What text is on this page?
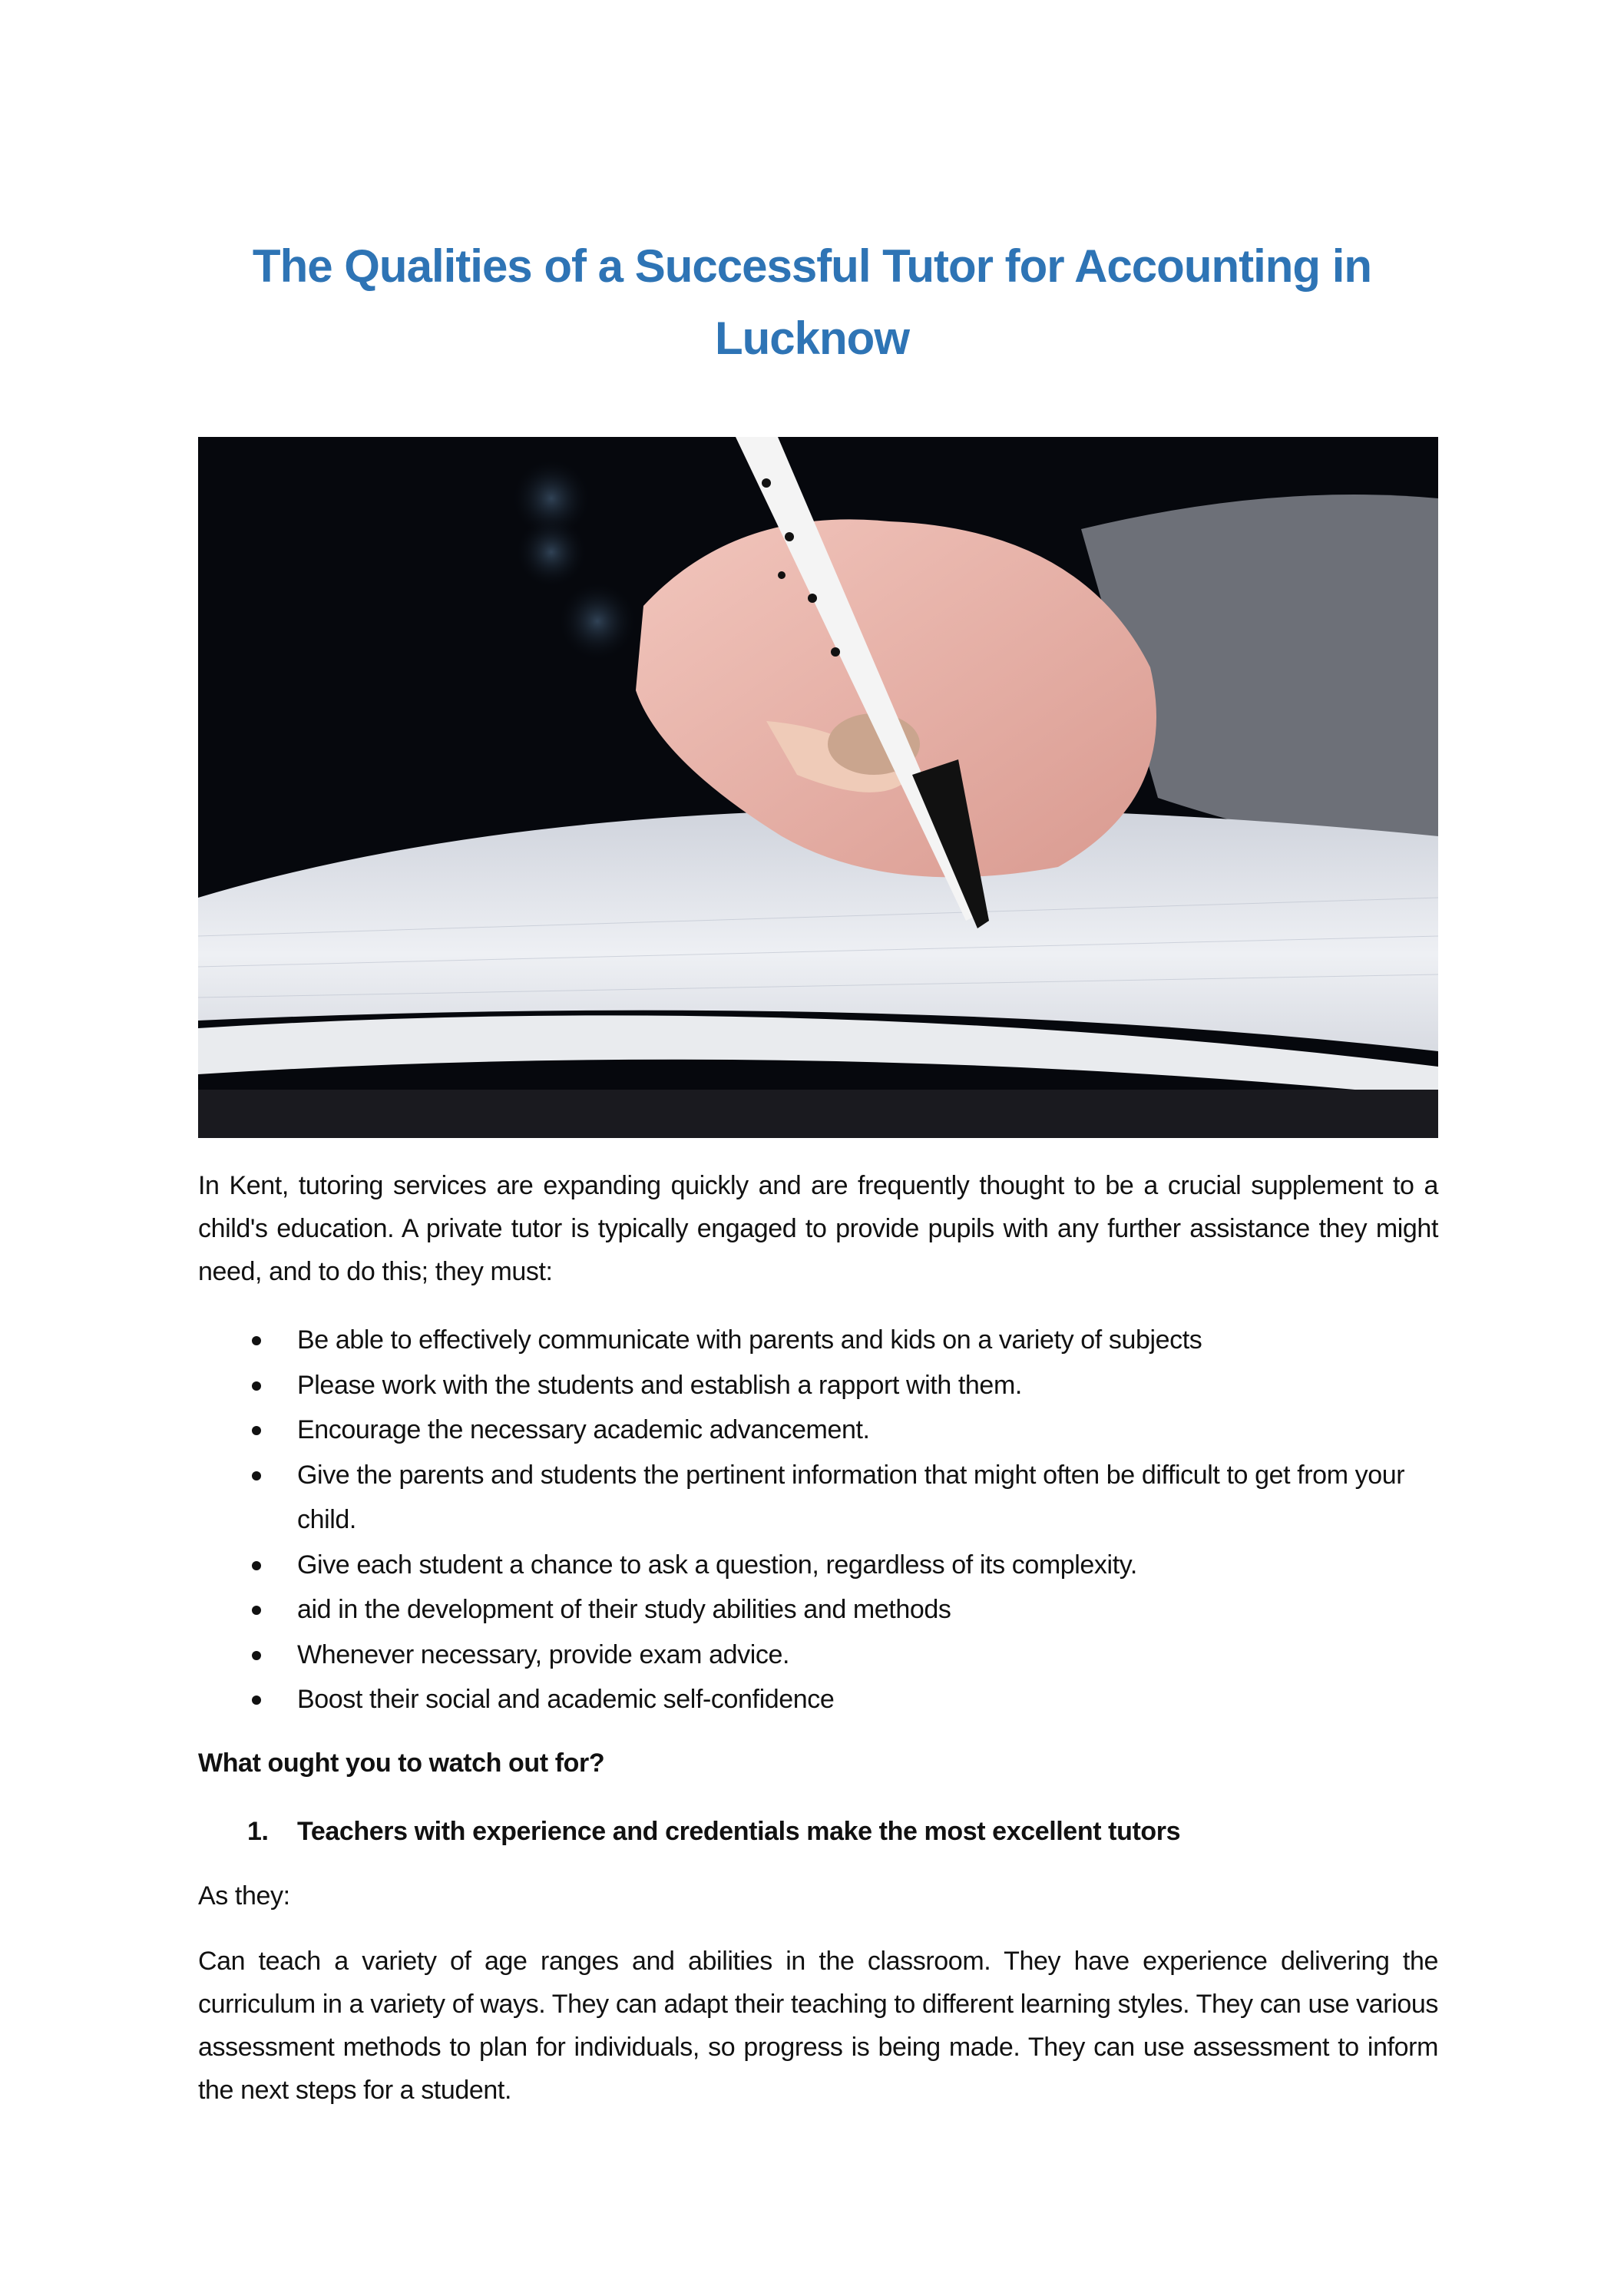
The Qualities of a Successful Tutor for Accounting in Lucknow

In Kent, tutoring services are expanding quickly and are frequently thought to be a crucial supplement to a child's education. A private tutor is typically engaged to provide pupils with any further assistance they might need, and to do this; they must:

Be able to effectively communicate with parents and kids on a variety of subjects
Please work with the students and establish a rapport with them.
Encourage the necessary academic advancement.
Give the parents and students the pertinent information that might often be difficult to get from your child.
Give each student a chance to ask a question, regardless of its complexity.
aid in the development of their study abilities and methods
Whenever necessary, provide exam advice.
Boost their social and academic self-confidence
What ought you to watch out for?
1. Teachers with experience and credentials make the most excellent tutors
As they:

Can teach a variety of age ranges and abilities in the classroom. They have experience delivering the curriculum in a variety of ways. They can adapt their teaching to different learning styles. They can use various assessment methods to plan for individuals, so progress is being made. They can use assessment to inform the next steps for a student.
